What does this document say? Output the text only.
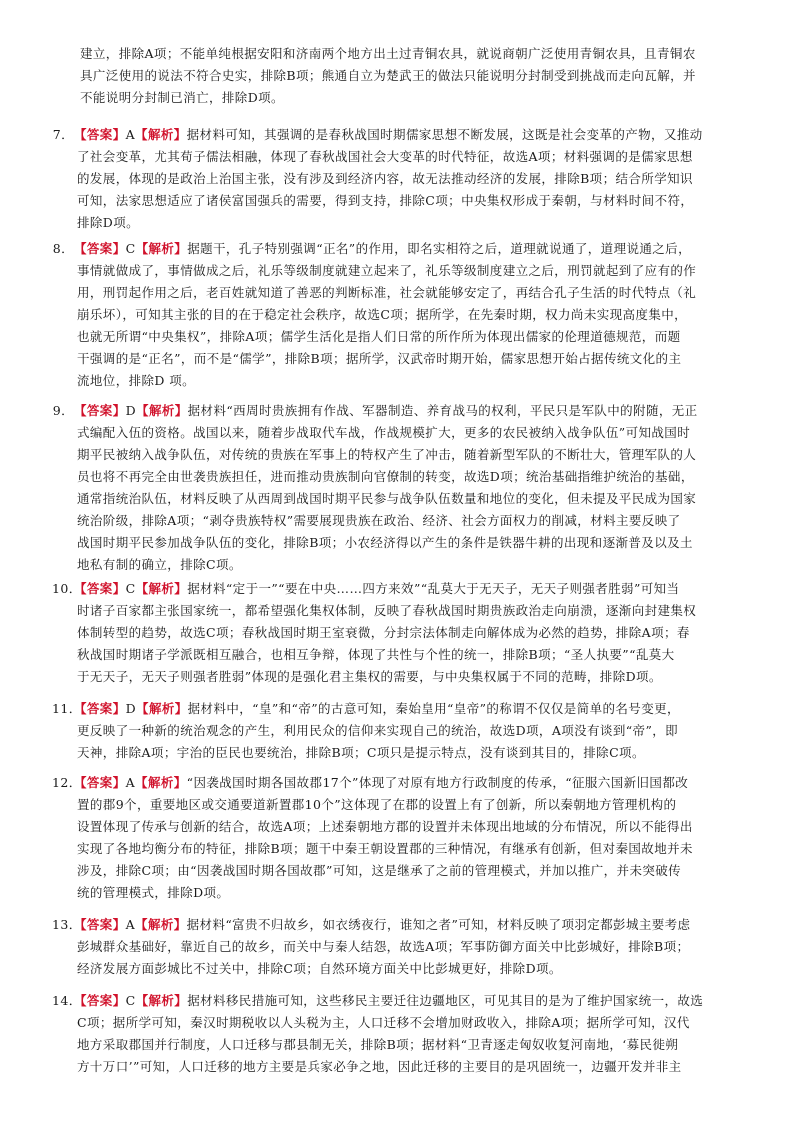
建立，排除A项；不能单纯根据安阳和济南两个地方出土过青铜农具，就说商朝广泛使用青铜农具，且青铜农
具广泛使用的说法不符合史实，排除B项；熊通自立为楚武王的做法只能说明分封制受到挑战而走向瓦解，并
不能说明分封制已消亡，排除D项。
7．【答案】A【解析】据材料可知，其强调的是春秋战国时期儒家思想不断发展，这既是社会变革的产物，又推动
了社会变革，尤其荀子儒法相融，体现了春秋战国社会大变革的时代特征，故选A项；材料强调的是儒家思想
的发展，体现的是政治上治国主张，没有涉及到经济内容，故无法推动经济的发展，排除B项；结合所学知识
可知，法家思想适应了诸侯富国强兵的需要，得到支持，排除C项；中央集权形成于秦朝，与材料时间不符，
排除D项。
8．【答案】C【解析】据题干，孔子特别强调“正名”的作用，即名实相符之后，道理就说通了，道理说通之后，
事情就做成了，事情做成之后，礼乐等级制度就建立起来了，礼乐等级制度建立之后，刑罚就起到了应有的作
用，刑罚起作用之后，老百姓就知道了善恶的判断标准，社会就能够安定了，再结合孔子生活的时代特点（礼
崩乐坏），可知其主张的目的在于稳定社会秩序，故选C项；据所学，在先秦时期，权力尚未实现高度集中，
也就无所谓“中央集权”，排除A项；儒学生活化是指人们日常的所作所为体现出儒家的伦理道德规范，而题
干强调的是“正名”，而不是“儒学”，排除B项；据所学，汉武帝时期开始，儒家思想开始占据传统文化的主
流地位，排除D 项。
9．【答案】D【解析】据材料“西周时贵族拥有作战、军器制造、养育战马的权利，平民只是军队中的附随，无正
式编配入伍的资格。战国以来，随着步战取代车战，作战规模扩大，更多的农民被纳入战争队伍”可知战国时
期平民被纳入战争队伍，对传统的贵族在军事上的特权产生了冲击，随着新型军队的不断壮大，管理军队的人
员也将不再完全由世袭贵族担任，进而推动贵族制向官僚制的转变，故选D项；统治基础指维护统治的基础，
通常指统治队伍，材料反映了从西周到战国时期平民参与战争队伍数量和地位的变化，但未提及平民成为国家
统治阶级，排除A项；“剥夺贵族特权”需要展现贵族在政治、经济、社会方面权力的削减，材料主要反映了
战国时期平民参加战争队伍的变化，排除B项；小农经济得以产生的条件是铁器牛耕的出现和逐渐普及以及土
地私有制的确立，排除C项。
10．【答案】C【解析】据材料“定于一”“要在中央……四方来效”“乱莫大于无天子，无天子则强者胜弱”可知当
时诸子百家都主张国家统一，都希望强化集权体制，反映了春秋战国时期贵族政治走向崩溃，逐渐向封建集权
体制转型的趋势，故选C项；春秋战国时期王室衰微，分封宗法体制走向解体成为必然的趋势，排除A项；春
秋战国时期诸子学派既相互融合，也相互争辩，体现了共性与个性的统一，排除B项；“圣人执要”“乱莫大
于无天子，无天子则强者胜弱”体现的是强化君主集权的需要，与中央集权属于不同的范畴，排除D项。
11．【答案】D【解析】据材料中，“皇”和“帝”的古意可知，秦始皇用“皇帝”的称谓不仅仅是简单的名号变更，
更反映了一种新的统治观念的产生，利用民众的信仰来实现自己的统治，故选D项，A项没有谈到“帝”，即
天神，排除A项；宇治的臣民也要统治，排除B项；C项只是提示特点，没有谈到其目的，排除C项。
12．【答案】A【解析】“因袭战国时期各国故郡17个”体现了对原有地方行政制度的传承，“征服六国新旧国都改
置的郡9个，重要地区或交通要道新置郡10个”这体现了在郡的设置上有了创新，所以秦朝地方管理机构的
设置体现了传承与创新的结合，故选A项；上述秦朝地方郡的设置并未体现出地域的分布情况，所以不能得出
实现了各地均衡分布的特征，排除B项；题干中秦王朝设置郡的三种情况，有继承有创新，但对秦国故地并未
涉及，排除C项；由“因袭战国时期各国故郡”可知，这是继承了之前的管理模式，并加以推广，并未突破传
统的管理模式，排除D项。
13．【答案】A【解析】据材料“富贵不归故乡，如衣绣夜行，谁知之者”可知，材料反映了项羽定都彭城主要考虑
彭城群众基础好，靠近自己的故乡，而关中与秦人结怨，故选A项；军事防御方面关中比彭城好，排除B项；
经济发展方面彭城比不过关中，排除C项；自然环境方面关中比彭城更好，排除D项。
14．【答案】C【解析】据材料移民措施可知，这些移民主要迁往边疆地区，可见其目的是为了维护国家统一，故选
C项；据所学可知，秦汉时期税收以人头税为主，人口迁移不会增加财政收入，排除A项；据所学可知，汉代
地方采取郡国并行制度，人口迁移与郡县制无关，排除B项；据材料“卫青逐走匈奴收复河南地，‘募民徙朔
方十万口’”可知，人口迁移的地方主要是兵家必争之地，因此迁移的主要目的是巩固统一，边疆开发并非主
